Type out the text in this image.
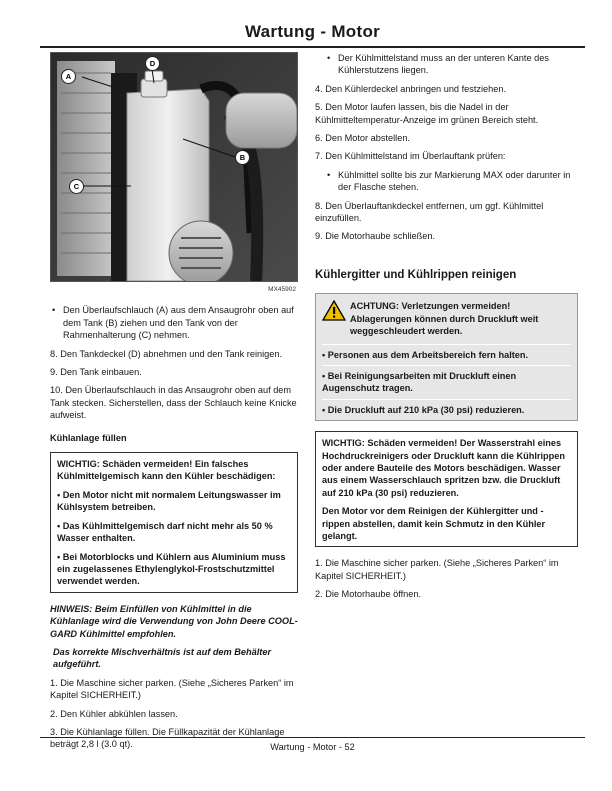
Wartung - Motor
A
D
B
C
MX45902

• Den Überlaufschlauch (A) aus dem Ansaugrohr oben auf dem Tank (B) ziehen und den Tank von der Rahmenhalterung (C) nehmen.

8. Den Tankdeckel (D) abnehmen und den Tank reinigen.

9. Den Tank einbauen.

10. Den Überlaufschlauch in das Ansaugrohr oben auf dem Tank stecken. Sicherstellen, dass der Schlauch keine Knicke aufweist.

Kühlanlage füllen

WICHTIG: Schäden vermeiden! Ein falsches Kühlmittelgemisch kann den Kühler beschädigen:

• Den Motor nicht mit normalem Leitungswasser im Kühlsystem betreiben.

• Das Kühlmittelgemisch darf nicht mehr als 50 % Wasser enthalten.

• Bei Motorblocks und Kühlern aus Aluminium muss ein zugelassenes Ethylenglykol-Frostschutzmittel verwendet werden.

HINWEIS: Beim Einfüllen von Kühlmittel in die Kühlanlage wird die Verwendung von John Deere COOL-GARD Kühlmittel empfohlen.

Das korrekte Mischverhältnis ist auf dem Behälter aufgeführt.

1. Die Maschine sicher parken. (Siehe „Sicheres Parken“ im Kapitel SICHERHEIT.)

2. Den Kühler abkühlen lassen.

3. Die Kühlanlage füllen. Die Füllkapazität der Kühlanlage beträgt 2,8 l (3.0 qt).

• Der Kühlmittelstand muss an der unteren Kante des Kühlerstutzens liegen.

4. Den Kühlerdeckel anbringen und festziehen.

5. Den Motor laufen lassen, bis die Nadel in der Kühlmitteltemperatur-Anzeige im grünen Bereich steht.

6. Den Motor abstellen.

7. Den Kühlmittelstand im Überlauftank prüfen:

• Kühlmittel sollte bis zur Markierung MAX oder darunter in der Flasche stehen.

8. Den Überlauftankdeckel entfernen, um ggf. Kühlmittel einzufüllen.

9. Die Motorhaube schließen.

Kühlergitter und Kühlrippen reinigen
ACHTUNG: Verletzungen vermeiden! Ablagerungen können durch Druckluft weit weggeschleudert werden.
• Personen aus dem Arbeitsbereich fern halten.
• Bei Reinigungsarbeiten mit Druckluft einen Augenschutz tragen.
• Die Druckluft auf 210 kPa (30 psi) reduzieren.

WICHTIG: Schäden vermeiden! Der Wasserstrahl eines Hochdruckreinigers oder Druckluft kann die Kühlrippen oder andere Bauteile des Motors beschädigen. Wasser aus einem Wasserschlauch spritzen bzw. die Druckluft auf 210 kPa (30 psi) reduzieren.

Den Motor vor dem Reinigen der Kühlergitter und -rippen abstellen, damit kein Schmutz in den Kühler gelangt.

1. Die Maschine sicher parken. (Siehe „Sicheres Parken“ im Kapitel SICHERHEIT.)

2. Die Motorhaube öffnen.

Wartung - Motor - 52
